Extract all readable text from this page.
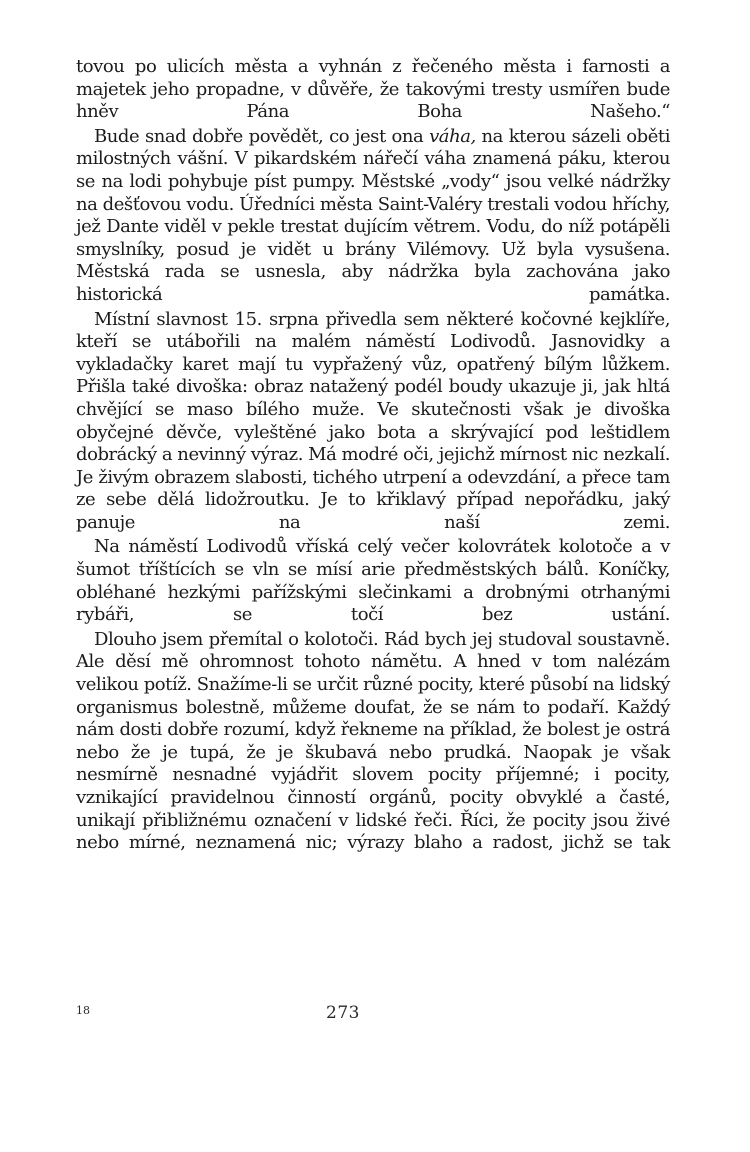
tovou po ulicích města a vyhnán z řečeného města i farnosti a majetek jeho propadne, v důvěře, že takovými tresty usmířen bude hněv Pána Boha Našeho.“

Bude snad dobře povědět, co jest ona váha, na kterou sázeli oběti milostných vášní. V pikardském nářečí váha znamená páku, kterou se na lodi pohybuje píst pumpy. Městské „vody“ jsou velké nádržky na dešťovou vodu. Úředníci města Saint-Valéry trestali vodou hříchy, jež Dante viděl v pekle trestat dujícím větrem. Vodu, do níž potápěli smyslníky, posud je vidět u brány Vilémovy. Už byla vysušena. Městská rada se usnesla, aby nádržka byla zachována jako historická památka.

Místní slavnost 15. srpna přivedla sem některé kočovné kejklíře, kteří se utábořili na malém náměstí Lodivodů. Jasnovidky a vykladačky karet mají tu vypřažený vůz, opatřený bílým lůžkem. Přišla také divoška: obraz natažený podél boudy ukazuje ji, jak hltá chvějící se maso bílého muže. Ve skutečnosti však je divoška obyčejné děvče, vyleštěné jako bota a skrývající pod leštidlem dobrácký a nevinný výraz. Má modré oči, jejichž mírnost nic nezkalí. Je živým obrazem slabosti, tichého utrpení a odevzdání, a přece tam ze sebe dělá lidožroutku. Je to křiklavý případ nepořádku, jaký panuje na naší zemi.

Na náměstí Lodivodů vříská celý večer kolovrátek kolotoče a v šumot tříštících se vln se mísí arie předměstských bálů. Koníčky, obléhané hezkými pařížskými slečinkami a drobnými otrhanými rybáři, se točí bez ustání.

Dlouho jsem přemítal o kolotoči. Rád bych jej studoval soustavně. Ale děsí mě ohromnost tohoto námětu. A hned v tom nalézám velikou potíž. Snažíme-li se určit různé pocity, které působí na lidský organismus bolestně, můžeme doufat, že se nám to podaří. Každý nám dosti dobře rozumí, když řekneme na příklad, že bolest je ostrá nebo že je tupá, že je škubavá nebo prudká. Naopak je však nesmírně nesnadné vyjádřit slovem pocity příjemné; i pocity, vznikající pravidelnou činností orgánů, pocity obvyklé a časté, unikají přibližnému označení v lidské řeči. Říci, že pocity jsou živé nebo mírné, neznamená nic; výrazy blaho a radost, jichž se tak

18	273
